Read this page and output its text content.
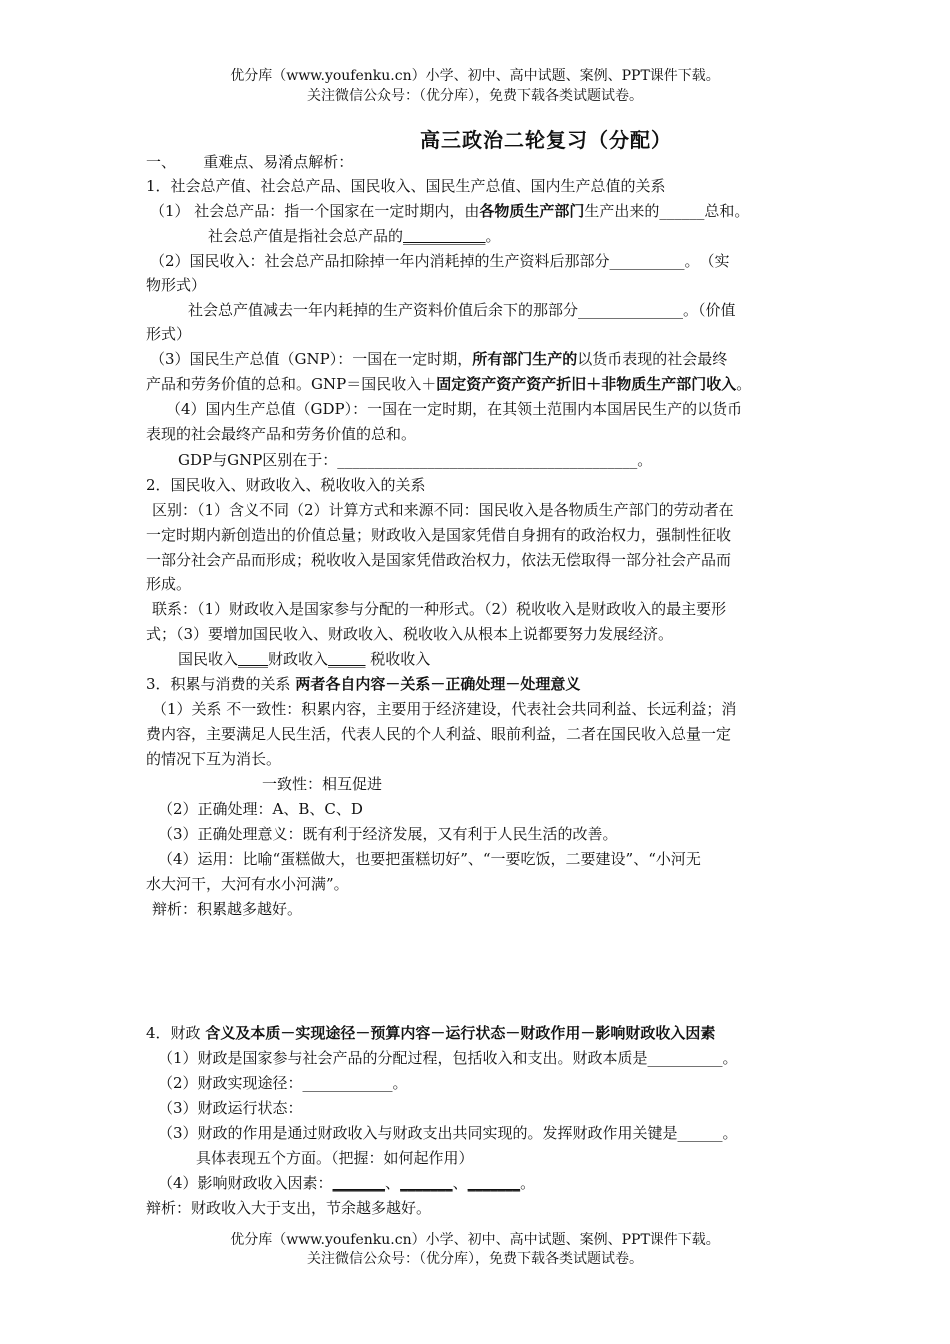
优分库（www.youfenku.cn）小学、初中、高中试题、案例、PPT课件下载。
关注微信公众号：（优分库），免费下载各类试题试卷。
高三政治二轮复习（分配）
一、　　 重难点、易淆点解析：
1．社会总产值、社会总产品、国民收入、国民生产总值、国内生产总值的关系
（1） 社会总产品：指一个国家在一定时期内，由各物质生产部门生产出来的______总和。
社会总产值是指社会总产品的___________。
（2）国民收入：社会总产品扣除掉一年内消耗掉的生产资料后那部分__________。　（实
物形式）
社会总产值减去一年内耗掉的生产资料价值后余下的那部分______________。（价值
形式）
（3）国民生产总值（GNP）：一国在一定时期，所有部门生产的以货币表现的社会最终
产品和劳务价值的总和。GNP＝国民收入＋固定资产资产资产折旧＋非物质生产部门收入。
（4）国内生产总值（GDP）：一国在一定时期，在其领土范围内本国居民生产的以货币
表现的社会最终产品和劳务价值的总和。
GDP与GNP区别在于：________________________________________。
2．国民收入、财政收入、税收收入的关系
区别：（1）含义不同（2）计算方式和来源不同：国民收入是各物质生产部门的劳动者在
一定时期内新创造出的价值总量；财政收入是国家凭借自身拥有的政治权力，强制性征收
一部分社会产品而形成；税收收入是国家凭借政治权力，依法无偿取得一部分社会产品而
形成。
联系：（1）财政收入是国家参与分配的一种形式。（2）税收收入是财政收入的最主要形
式；（3）要增加国民收入、财政收入、税收收入从根本上说都要努力发展经济。
国民收入____财政收入_____ 税收收入
3．积累与消费的关系 两者各自内容－关系－正确处理－处理意义
（1）关系 不一致性：积累内容，主要用于经济建设，代表社会共同利益、长远利益；消
费内容，主要满足人民生活，代表人民的个人利益、眼前利益，二者在国民收入总量一定
的情况下互为消长。
一致性：相互促进
（2）正确处理：A、B、C、D
（3）正确处理意义：既有利于经济发展，又有利于人民生活的改善。
（4）运用：比喻“蛋糕做大，也要把蛋糕切好”、“一要吃饭，二要建设”、“小河无
水大河干，大河有水小河满”。
辩析：积累越多越好。
4．财政 含义及本质－实现途径－预算内容－运行状态－财政作用－影响财政收入因素
（1）财政是国家参与社会产品的分配过程，包括收入和支出。财政本质是__________。
（2）财政实现途径：____________。
（3）财政运行状态：
（3）财政的作用是通过财政收入与财政支出共同实现的。发挥财政作用关键是______。
具体表现五个方面。（把握：如何起作用）
（4）影响财政收入因素：_______、_______、_______。
辩析：财政收入大于支出，节余越多越好。
优分库（www.youfenku.cn）小学、初中、高中试题、案例、PPT课件下载。
关注微信公众号：（优分库），免费下载各类试题试卷。
